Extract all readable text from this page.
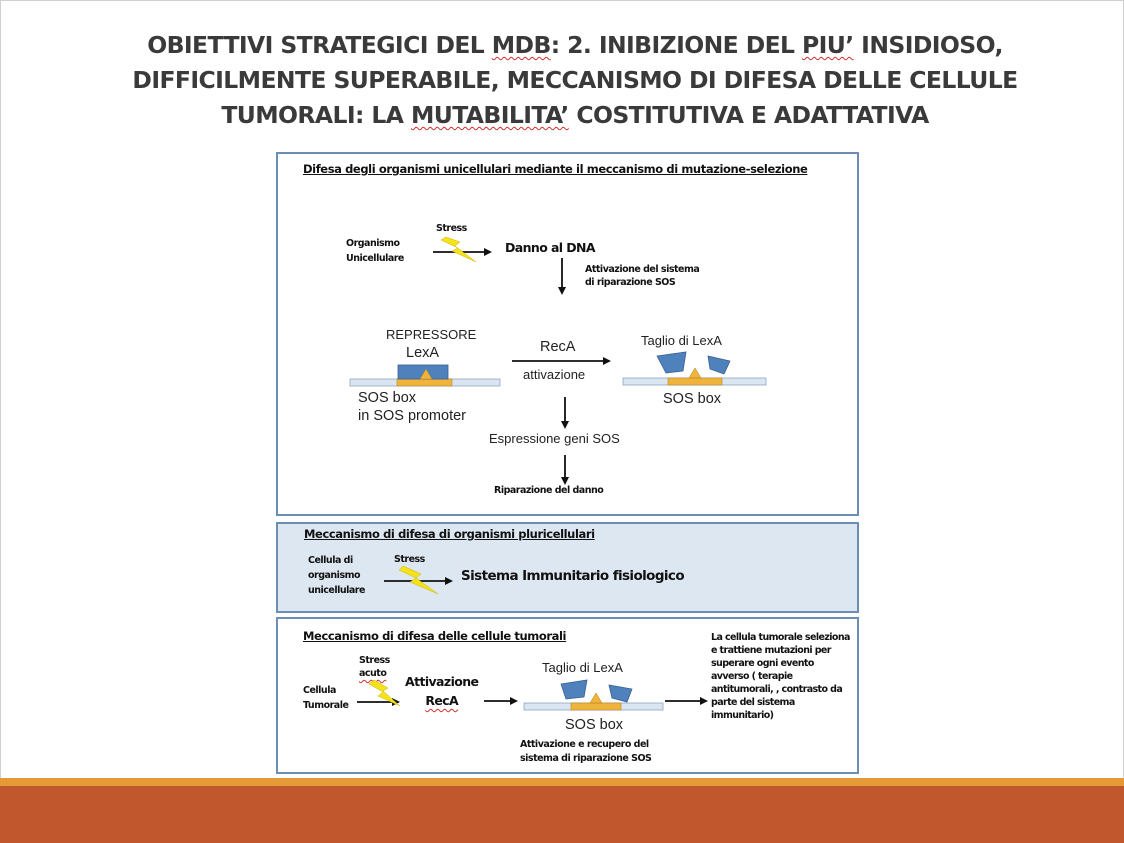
OBIETTIVI STRATEGICI DEL MDB: 2. INIBIZIONE DEL PIU’ INSIDIOSO,
DIFFICILMENTE SUPERABILE, MECCANISMO DI DIFESA DELLE CELLULE
TUMORALI: LA MUTABILITA’ COSTITUTIVA E ADATTATIVA
Difesa degli organismi unicellulari mediante il meccanismo di mutazione-selezione
Organismo
Unicellulare
Stress
Danno al DNA
Attivazione del sistema
di riparazione SOS
REPRESSORE
LexA	RecA
attivazione
Taglio di LexA
SOS box
in SOS promoter
SOS box
Espressione geni SOS
Riparazione del danno
Meccanismo di difesa di organismi pluricellulari
Cellula di
organismo
unicellulare
Stress
Sistema Immunitario fisiologico
Meccanismo di difesa delle cellule tumorali
Stress
acuto
Cellula
Tumorale
Attivazione
RecA
Taglio di LexA
SOS box
Attivazione e recupero del
sistema di riparazione SOS
La cellula tumorale seleziona e trattiene mutazioni per superare ogni evento avverso ( terapie antitumorali, , contrasto da parte del sistema immunitario)
